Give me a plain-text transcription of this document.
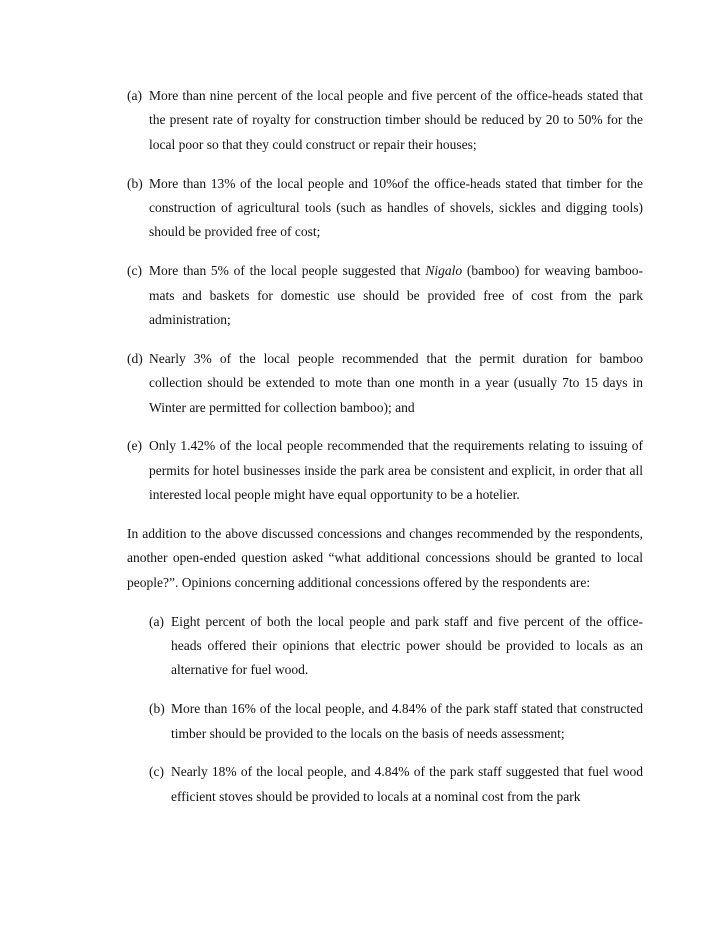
(a) More than nine percent of the local people and five percent of the office-heads stated that the present rate of royalty for construction timber should be reduced by 20 to 50% for the local poor so that they could construct or repair their houses;
(b) More than 13% of the local people and 10%of the office-heads stated that timber for the construction of agricultural tools (such as handles of shovels, sickles and digging tools) should be provided free of cost;
(c) More than 5% of the local people suggested that Nigalo (bamboo) for weaving bamboo-mats and baskets for domestic use should be provided free of cost from the park administration;
(d) Nearly 3% of the local people recommended that the permit duration for bamboo collection should be extended to mote than one month in a year (usually 7to 15 days in Winter are permitted for collection bamboo); and
(e) Only 1.42% of the local people recommended that the requirements relating to issuing of permits for hotel businesses inside the park area be consistent and explicit, in order that all interested local people might have equal opportunity to be a hotelier.

In addition to the above discussed concessions and changes recommended by the respondents, another open-ended question asked “what additional concessions should be granted to local people?”. Opinions concerning additional concessions offered by the respondents are:

(a) Eight percent of both the local people and park staff and five percent of the office-heads offered their opinions that electric power should be provided to locals as an alternative for fuel wood.
(b) More than 16% of the local people, and 4.84% of the park staff stated that constructed timber should be provided to the locals on the basis of needs assessment;
(c) Nearly 18% of the local people, and 4.84% of the park staff suggested that fuel wood efficient stoves should be provided to locals at a nominal cost from the park
